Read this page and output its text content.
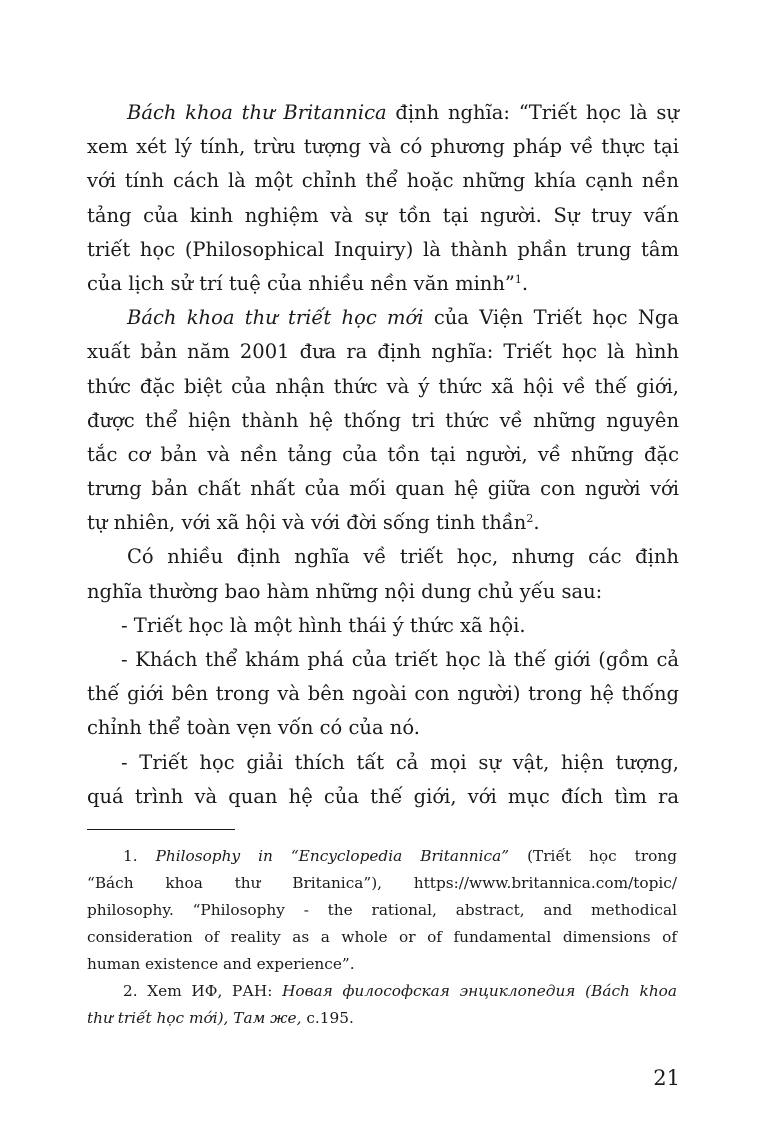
Bách khoa thư Britannica định nghĩa: “Triết học là sự
xem xét lý tính, trừu tượng và có phương pháp về thực tại
với tính cách là một chỉnh thể hoặc những khía cạnh nền
tảng của kinh nghiệm và sự tồn tại người. Sự truy vấn
triết học (Philosophical Inquiry) là thành phần trung tâm
của lịch sử trí tuệ của nhiều nền văn minh”$^1$.
Bách khoa thư triết học mới của Viện Triết học Nga
xuất bản năm 2001 đưa ra định nghĩa: Triết học là hình
thức đặc biệt của nhận thức và ý thức xã hội về thế giới,
được thể hiện thành hệ thống tri thức về những nguyên
tắc cơ bản và nền tảng của tồn tại người, về những đặc
trưng bản chất nhất của mối quan hệ giữa con người với
tự nhiên, với xã hội và với đời sống tinh thần$^2$.
Có nhiều định nghĩa về triết học, nhưng các định
nghĩa thường bao hàm những nội dung chủ yếu sau:
- Triết học là một hình thái ý thức xã hội.
- Khách thể khám phá của triết học là thế giới (gồm cả
thế giới bên trong và bên ngoài con người) trong hệ thống
chỉnh thể toàn vẹn vốn có của nó.
- Triết học giải thích tất cả mọi sự vật, hiện tượng,
quá trình và quan hệ của thế giới, với mục đích tìm ra
1. Philosophy in “Encyclopedia Britannica” (Triết học trong
“Bách khoa thư Britanica”), https://www.britannica.com/topic/
philosophy. “Philosophy - the rational, abstract, and methodical
consideration of reality as a whole or of fundamental dimensions of
human existence and experience”.
2. Xem ИФ, РАН: Новая философская энциклопедия (Bách khoa
thư triết học mới), Там же, c.195.
21
